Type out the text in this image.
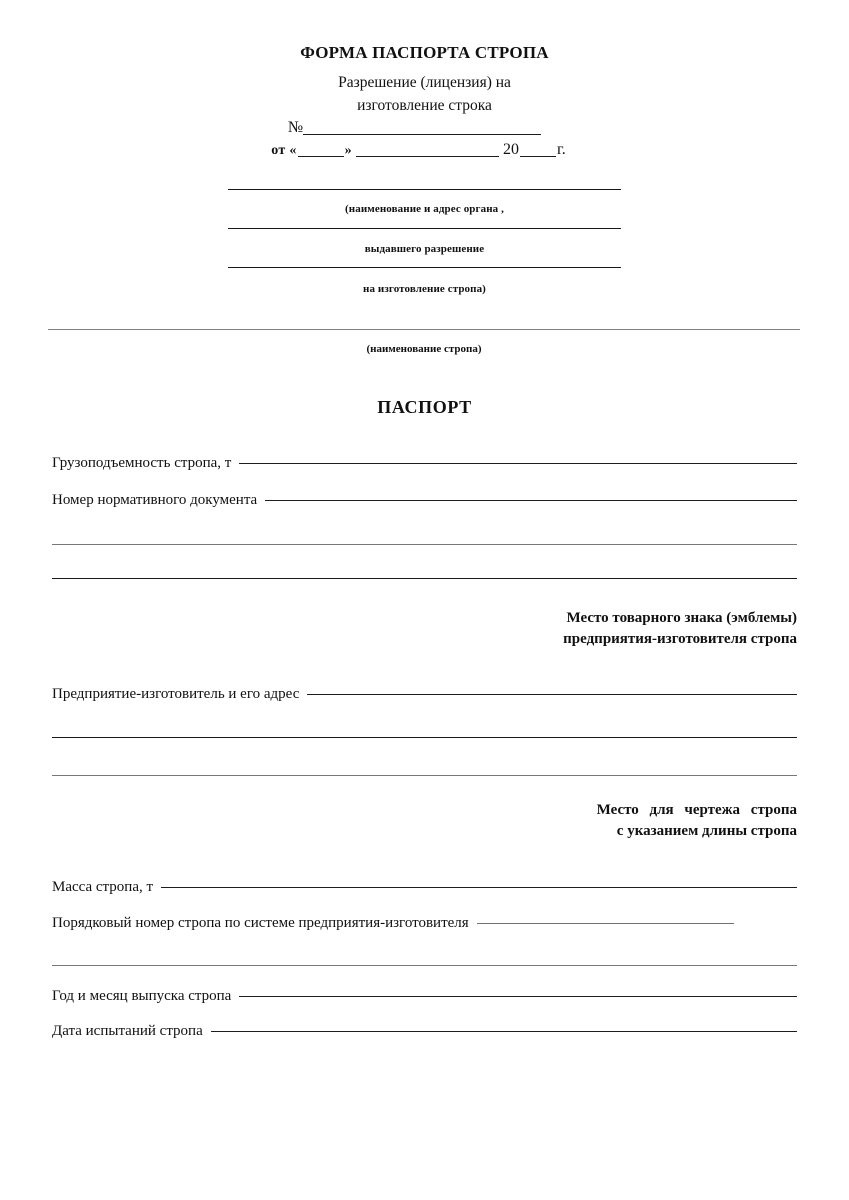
ФОРМА ПАСПОРТА СТРОПА
Разрешение (лицензия) на
изготовление строка
№
от «	»	20 г.
(наименование и адрес органа ,
выдавшего разрешение
на изготовление стропа)
(наименование стропа)
ПАСПОРТ
Грузоподъемность стропа, т
Номер нормативного документа
Место товарного знака (эмблемы)
предприятия-изготовителя стропа
Предприятие-изготовитель и его адрес
Место для чертежа стропа
с указанием длины стропа
Масса стропа, т
Порядковый номер стропа по системе предприятия-изготовителя
Год и месяц выпуска стропа
Дата испытаний стропа
